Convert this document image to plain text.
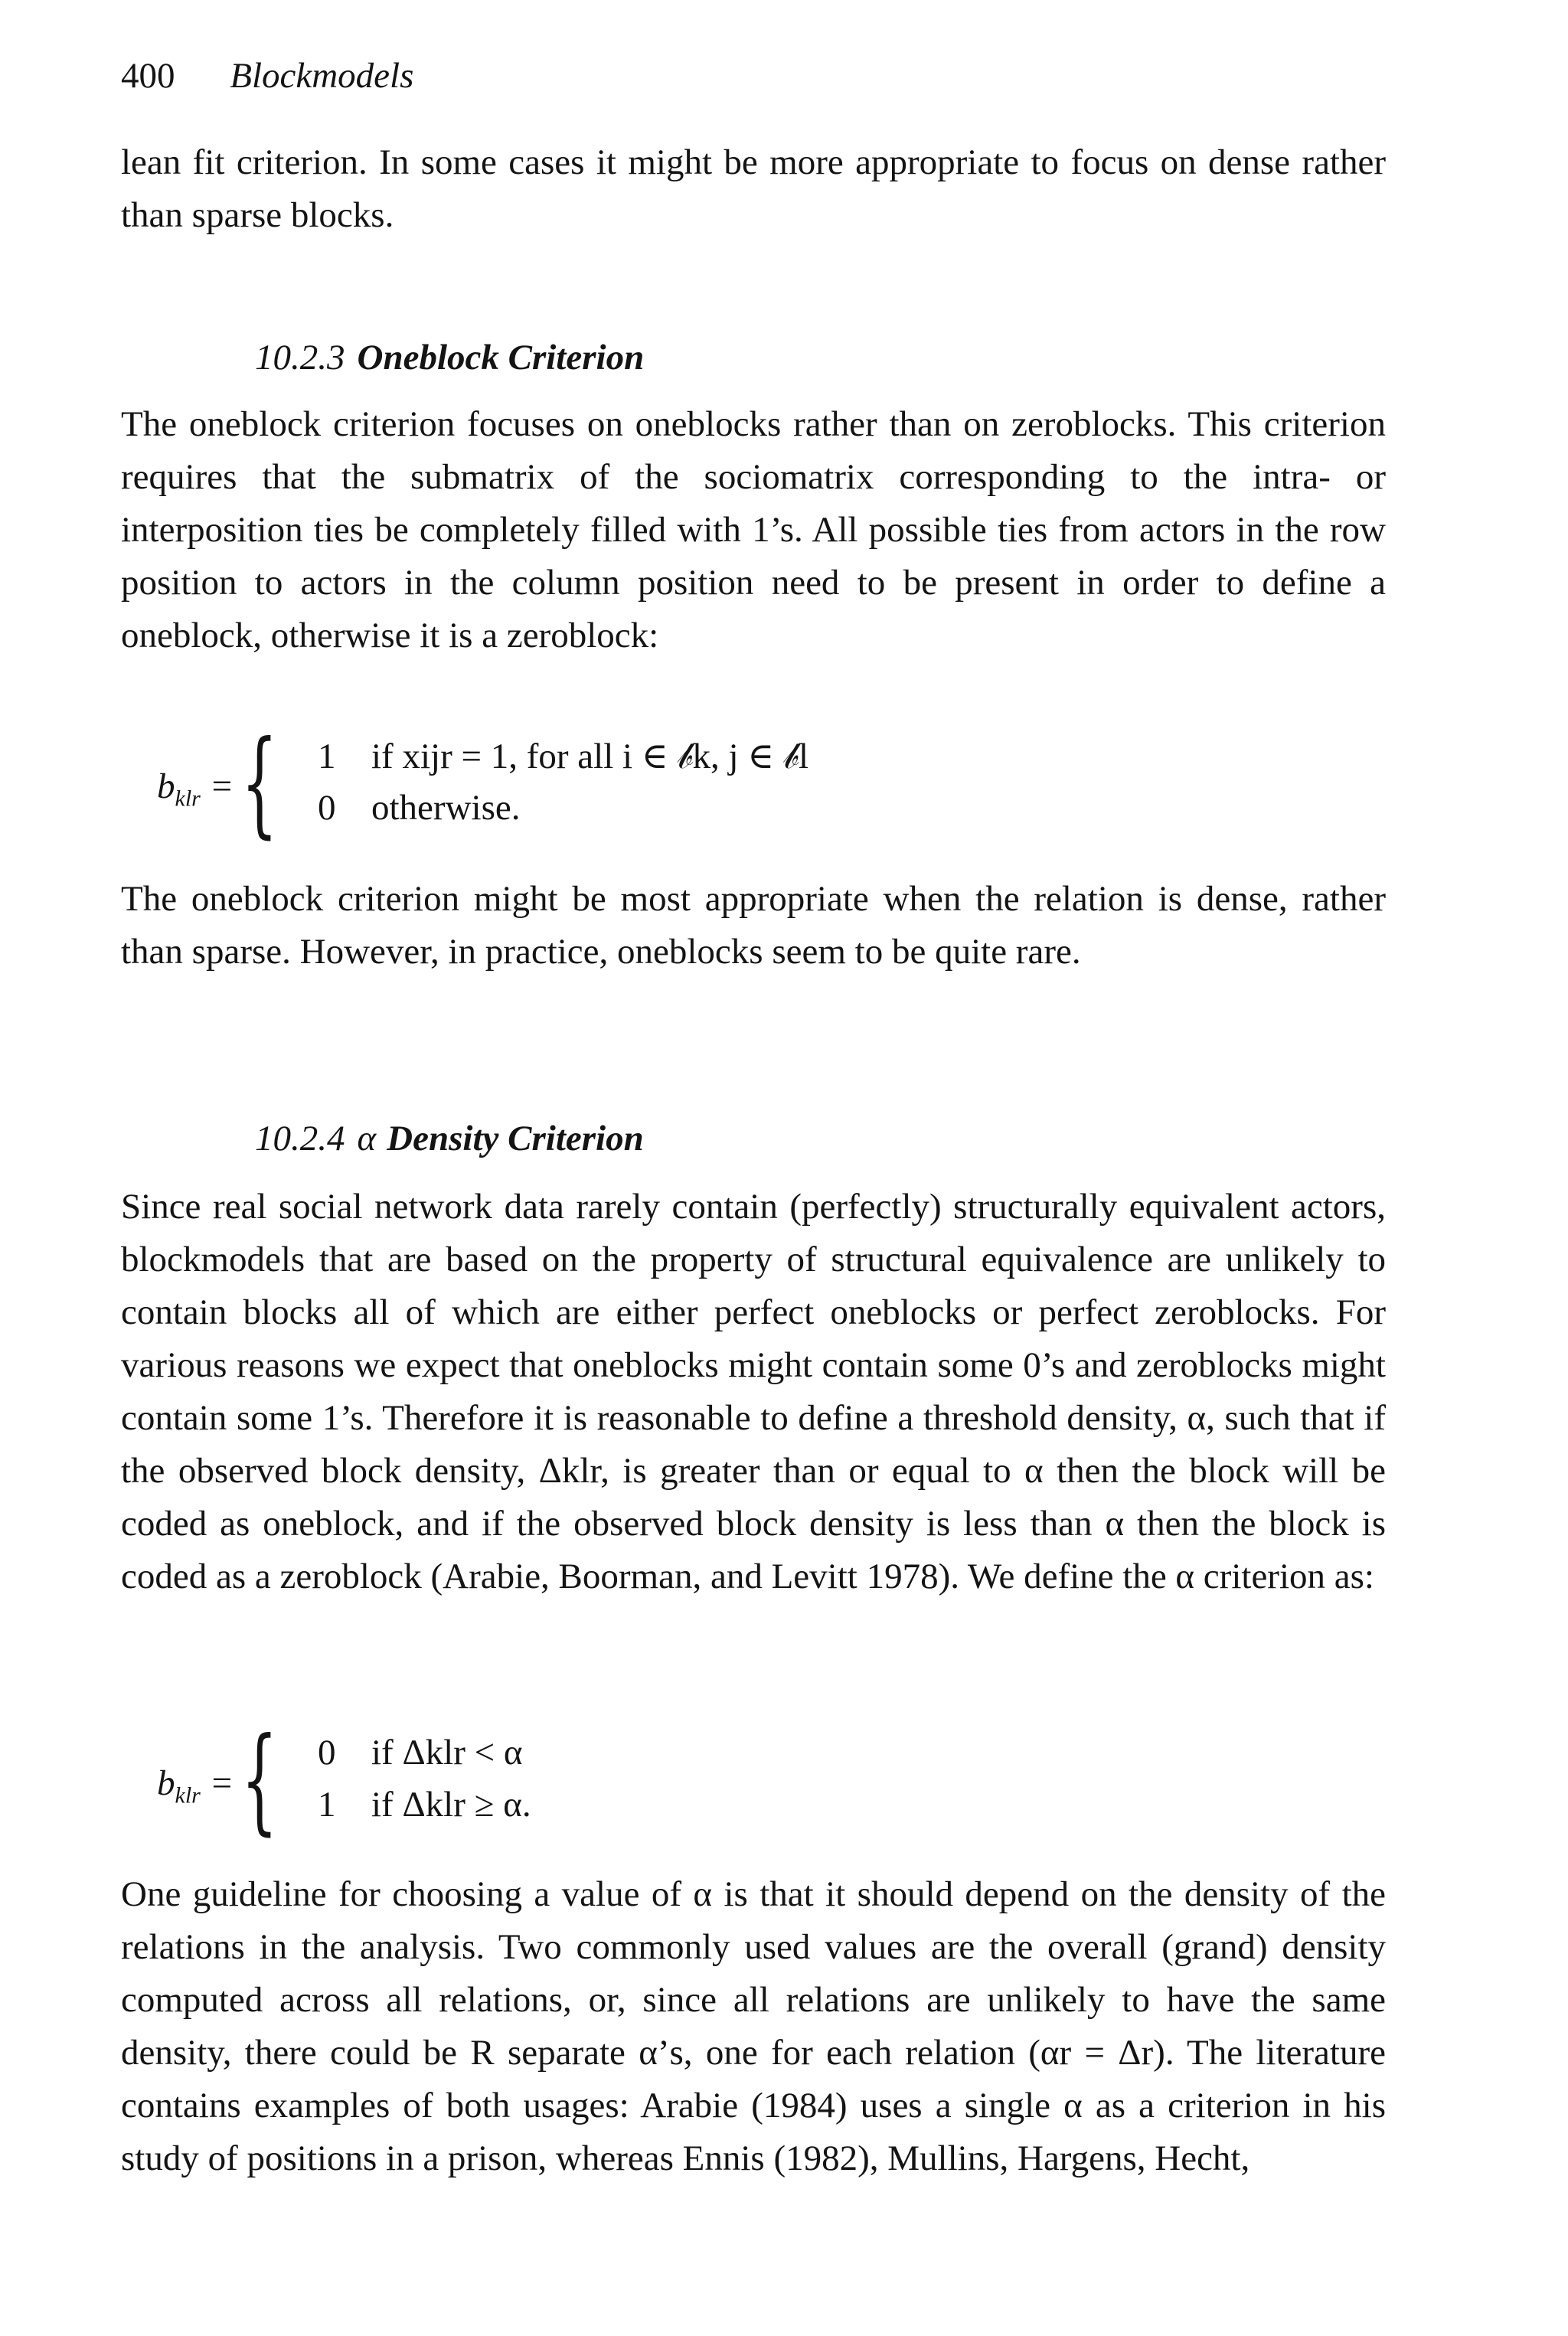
400 Blockmodels
lean fit criterion. In some cases it might be more appropriate to focus on dense rather than sparse blocks.
10.2.3 Oneblock Criterion
The oneblock criterion focuses on oneblocks rather than on zeroblocks. This criterion requires that the submatrix of the sociomatrix corresponding to the intra- or interposition ties be completely filled with 1’s. All possible ties from actors in the row position to actors in the column position need to be present in order to define a oneblock, otherwise it is a zeroblock:
$b_{klr}$ = { 1 if xijr = 1, for all i ∈ 𝒷k, j ∈ 𝒷l
0 otherwise.
The oneblock criterion might be most appropriate when the relation is dense, rather than sparse. However, in practice, oneblocks seem to be quite rare.
10.2.4 α Density Criterion
Since real social network data rarely contain (perfectly) structurally equivalent actors, blockmodels that are based on the property of structural equivalence are unlikely to contain blocks all of which are either perfect oneblocks or perfect zeroblocks. For various reasons we expect that oneblocks might contain some 0’s and zeroblocks might contain some 1’s. Therefore it is reasonable to define a threshold density, α, such that if the observed block density, Δklr, is greater than or equal to α then the block will be coded as oneblock, and if the observed block density is less than α then the block is coded as a zeroblock (Arabie, Boorman, and Levitt 1978). We define the α criterion as:
$b_{klr}$ = { 0 if Δklr < α
1 if Δklr ≥ α.
One guideline for choosing a value of α is that it should depend on the density of the relations in the analysis. Two commonly used values are the overall (grand) density computed across all relations, or, since all relations are unlikely to have the same density, there could be R separate α’s, one for each relation (αr = Δr). The literature contains examples of both usages: Arabie (1984) uses a single α as a criterion in his study of positions in a prison, whereas Ennis (1982), Mullins, Hargens, Hecht,
